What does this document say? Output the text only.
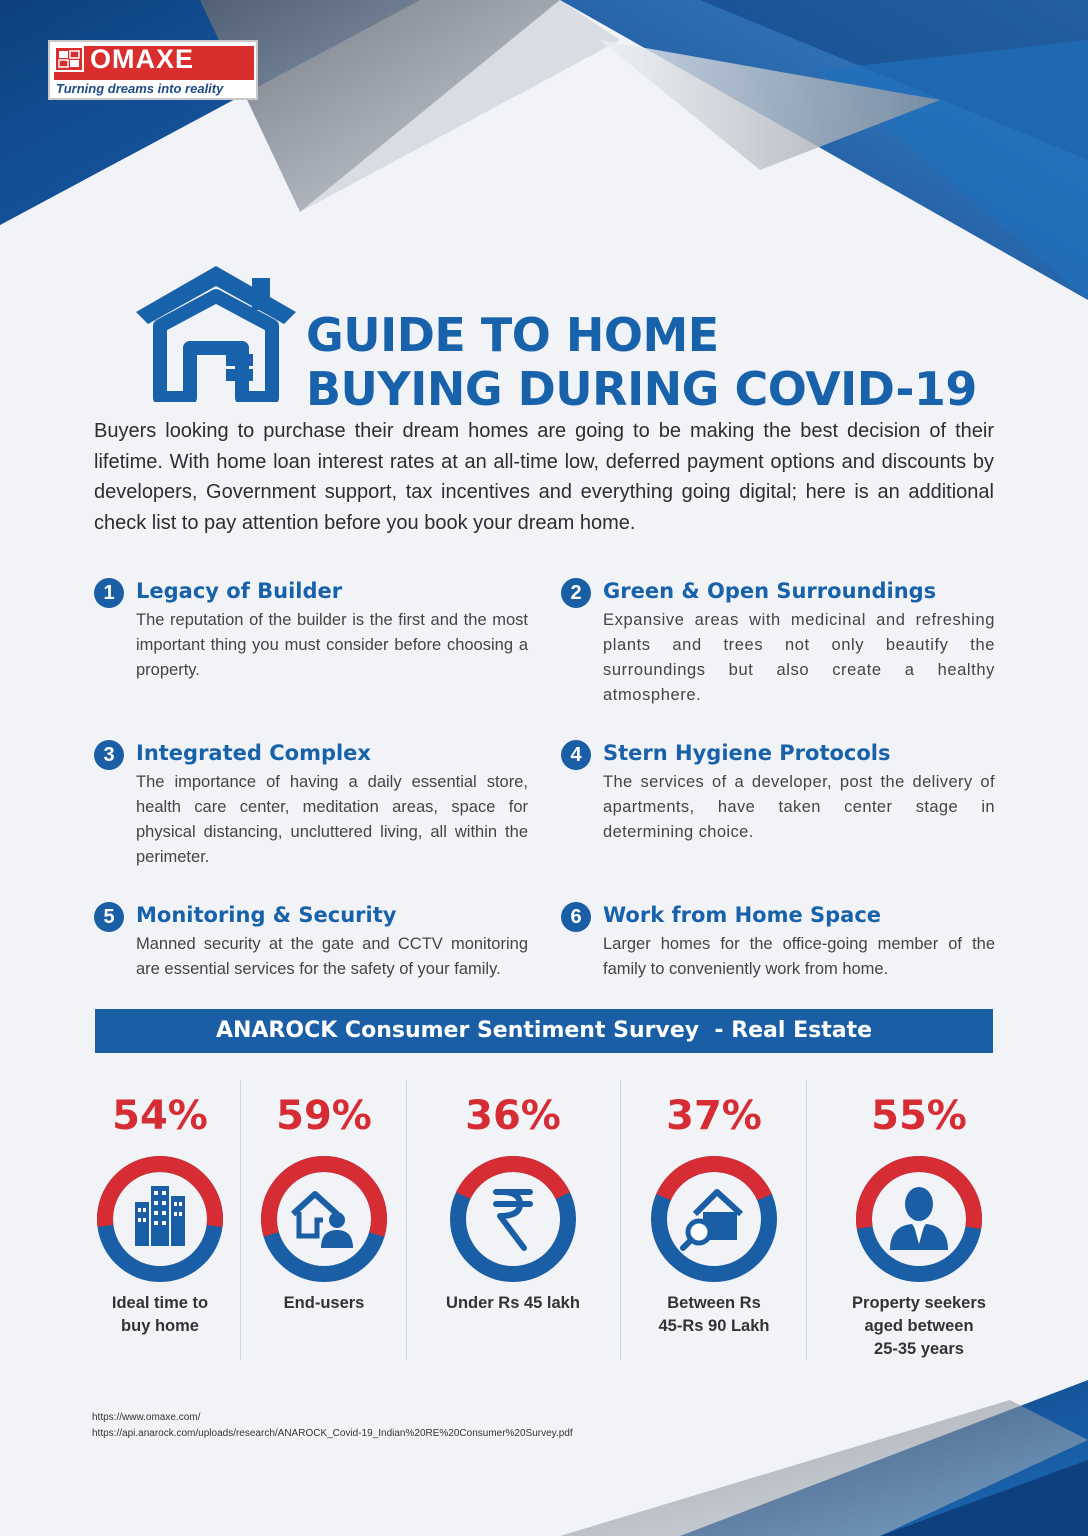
OMAXE
Turning dreams into reality
GUIDE TO HOME
BUYING DURING COVID-19

Buyers looking to purchase their dream homes are going to be making the best decision of their lifetime. With home loan interest rates at an all-time low, deferred payment options and discounts by developers, Government support, tax incentives and everything going digital; here is an additional check list to pay attention before you book your dream home.

1	Legacy of Builder

The reputation of the builder is the first and the most important thing you must consider before choosing a property.

2	Green & Open Surroundings

Expansive areas with medicinal and refreshing plants and trees not only beautify the surroundings but also create a healthy atmosphere.

3	Integrated Complex

The importance of having a daily essential store, health care center, meditation areas, space for physical distancing, uncluttered living, all within the perimeter.

4	Stern Hygiene Protocols

The services of a developer, post the delivery of apartments, have taken center stage in determining choice.

5	Monitoring & Security

Manned security at the gate and CCTV monitoring are essential services for the safety of your family.

6	Work from Home Space

Larger homes for the office-going member of the family to conveniently work from home.

ANAROCK Consumer Sentiment Survey  - Real Estate
54%
Ideal time to
buy home
59%
End-users
36%
Under Rs 45 lakh
37%
Between Rs
45-Rs 90 Lakh
55%
Property seekers
aged between
25-35 years
https://www.omaxe.com/
https://api.anarock.com/uploads/research/ANAROCK_Covid-19_Indian%20RE%20Consumer%20Survey.pdf
